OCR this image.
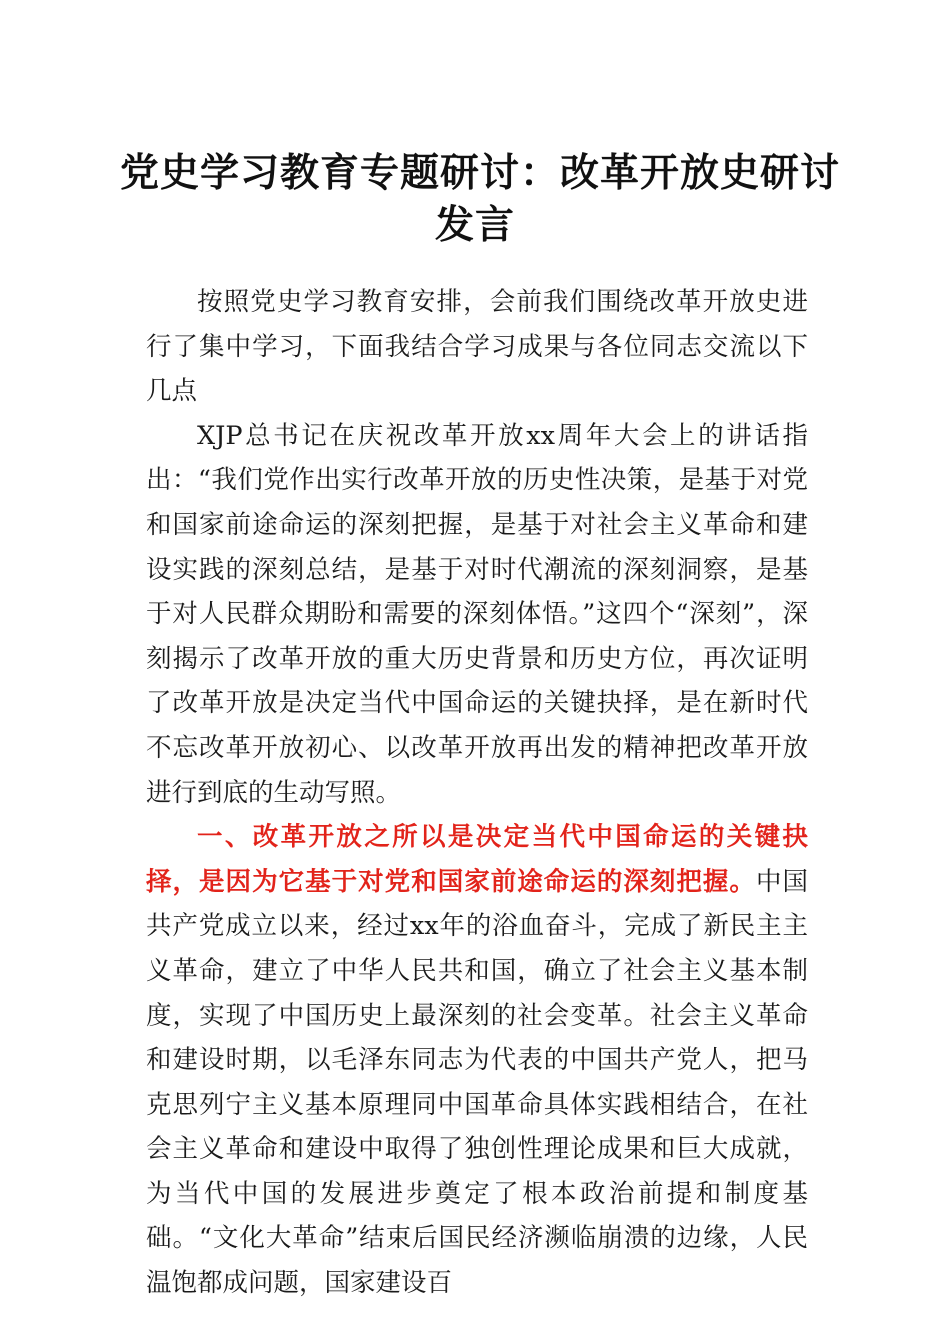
党史学习教育专题研讨：改革开放史研讨
发言

按照党史学习教育安排，会前我们围绕改革开放史进行了集中学习，下面我结合学习成果与各位同志交流以下几点

XJP总书记在庆祝改革开放xx周年大会上的讲话指出：“我们党作出实行改革开放的历史性决策，是基于对党和国家前途命运的深刻把握，是基于对社会主义革命和建设实践的深刻总结，是基于对时代潮流的深刻洞察，是基于对人民群众期盼和需要的深刻体悟。”这四个“深刻”，深刻揭示了改革开放的重大历史背景和历史方位，再次证明了改革开放是决定当代中国命运的关键抉择，是在新时代不忘改革开放初心、以改革开放再出发的精神把改革开放进行到底的生动写照。

一、改革开放之所以是决定当代中国命运的关键抉择，是因为它基于对党和国家前途命运的深刻把握。中国共产党成立以来，经过xx年的浴血奋斗，完成了新民主主义革命，建立了中华人民共和国，确立了社会主义基本制度，实现了中国历史上最深刻的社会变革。社会主义革命和建设时期，以毛泽东同志为代表的中国共产党人，把马克思列宁主义基本原理同中国革命具体实践相结合，在社会主义革命和建设中取得了独创性理论成果和巨大成就，为当代中国的发展进步奠定了根本政治前提和制度基础。“文化大革命”结束后国民经济濒临崩溃的边缘，人民温饱都成问题，国家建设百
